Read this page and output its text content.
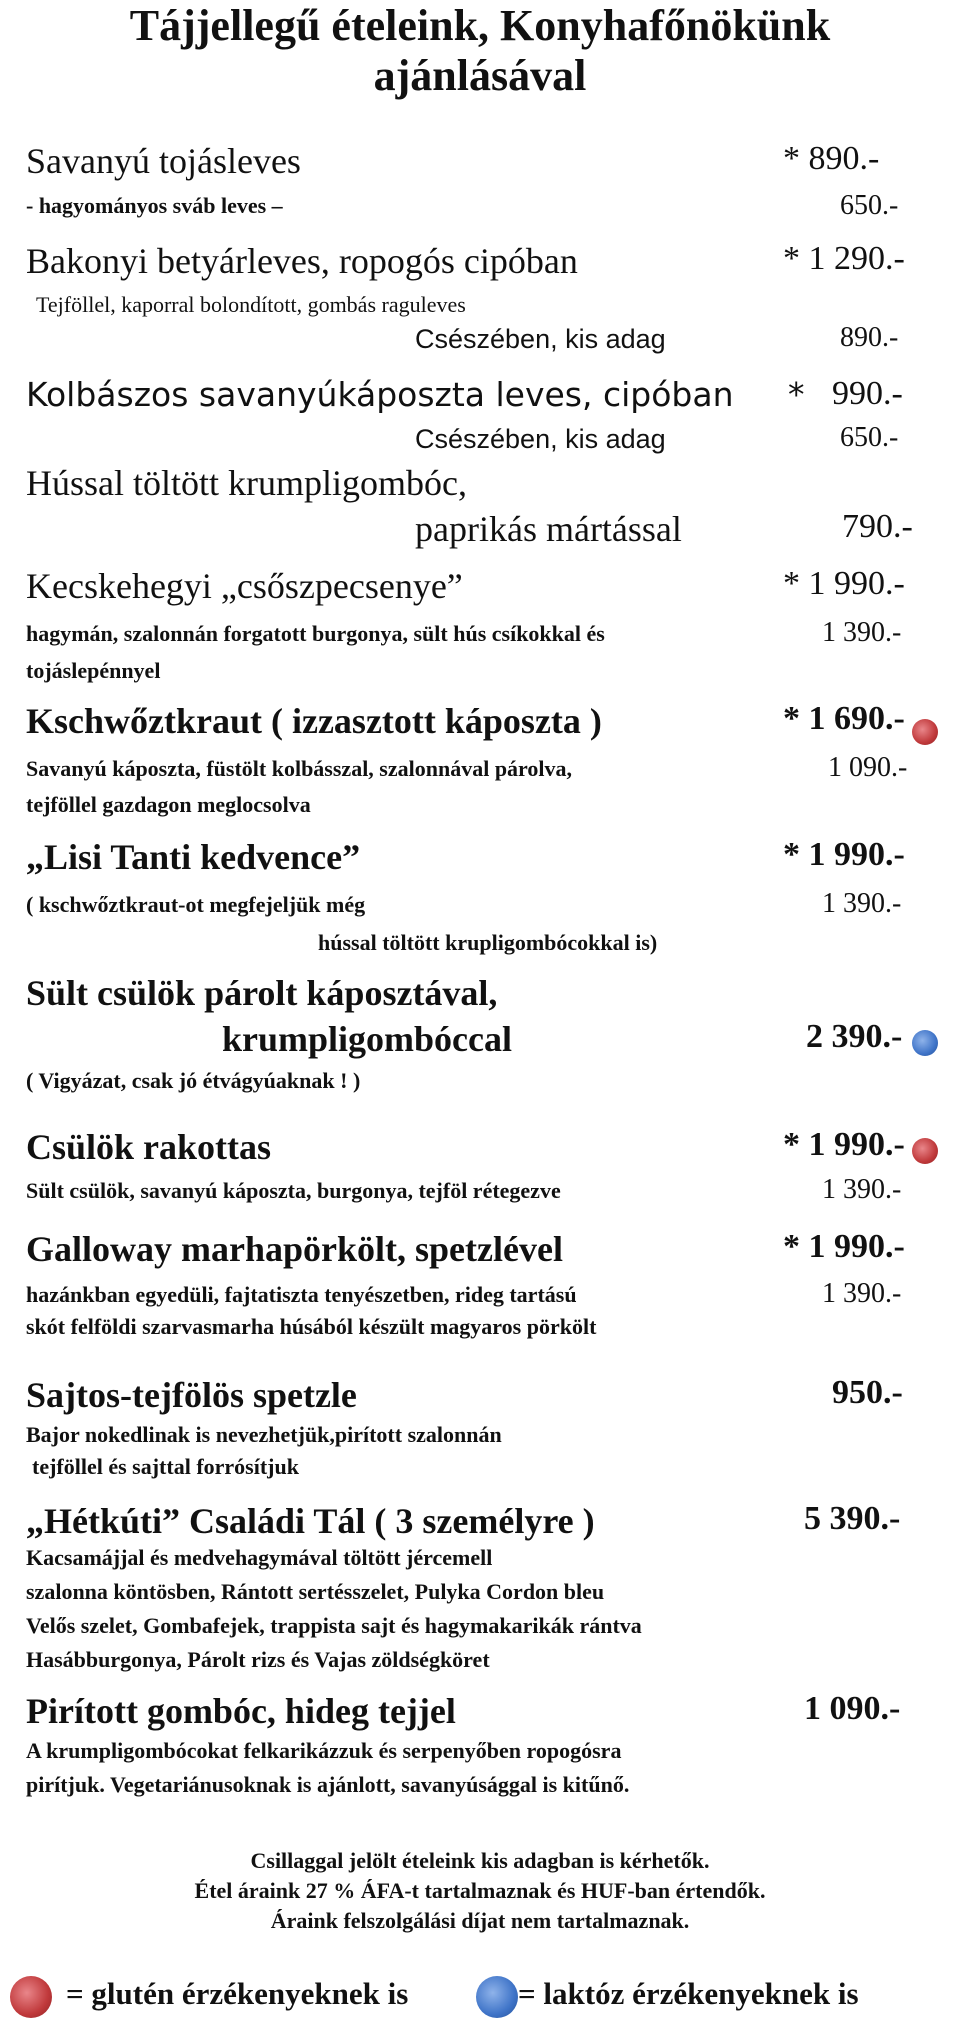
Tájjellegű ételeink, Konyhafőnökünk
ajánlásával
Savanyú tojásleves	* 890.-
- hagyományos sváb leves –	650.-
Bakonyi betyárleves, ropogós cipóban	* 1 290.-
Tejföllel, kaporral bolondított, gombás raguleves
Csészében, kis adag	890.-
Kolbászos savanyúkáposzta leves, cipóban * 990.-
Csészében, kis adag	650.-
Hússal töltött krumpligombóc,
paprikás mártással	790.-
Kecskehegyi „csőszpecsenye”	* 1 990.-
hagymán, szalonnán forgatott burgonya, sült hús csíkokkal és	1 390.-
tojáslepénnyel
Kschwőztkraut ( izzasztott káposzta )	* 1 690.-
Savanyú káposzta, füstölt kolbásszal, szalonnával párolva,	1 090.-
tejföllel gazdagon meglocsolva
„Lisi Tanti kedvence”	* 1 990.-
( kschwőztkraut-ot megfejeljük még	1 390.-
hússal töltött krupligombócokkal is)
Sült csülök párolt káposztával,
krumpligombóccal	2 390.-
( Vigyázat, csak jó étvágyúaknak ! )
Csülök rakottas	* 1 990.-
Sült csülök, savanyú káposzta, burgonya, tejföl rétegezve	1 390.-
Galloway marhapörkölt, spetzlével	* 1 990.-
hazánkban egyedüli, fajtatiszta tenyészetben, rideg tartású	1 390.-
skót felföldi szarvasmarha húsából készült magyaros pörkölt
Sajtos-tejfölös spetzle	950.-
Bajor nokedlinak is nevezhetjük,pirított szalonnán
tejföllel és sajttal forrósítjuk
„Hétkúti” Családi Tál ( 3 személyre )	5 390.-
Kacsamájjal és medvehagymával töltött jércemell
szalonna köntösben, Rántott sertésszelet, Pulyka Cordon bleu
Velős szelet, Gombafejek, trappista sajt és hagymakarikák rántva
Hasábburgonya, Párolt rizs és Vajas zöldségköret
Pirított gombóc, hideg tejjel	1 090.-
A krumpligombócokat felkarikázzuk és serpenyőben ropogósra
pirítjuk. Vegetariánusoknak is ajánlott, savanyúsággal is kitűnő.
Csillaggal jelölt ételeink kis adagban is kérhetők.
Étel áraink 27 % ÁFA-t tartalmaznak és HUF-ban értendők.
Áraink felszolgálási díjat nem tartalmaznak.
= glutén érzékenyeknek is	= laktóz érzékenyeknek is
